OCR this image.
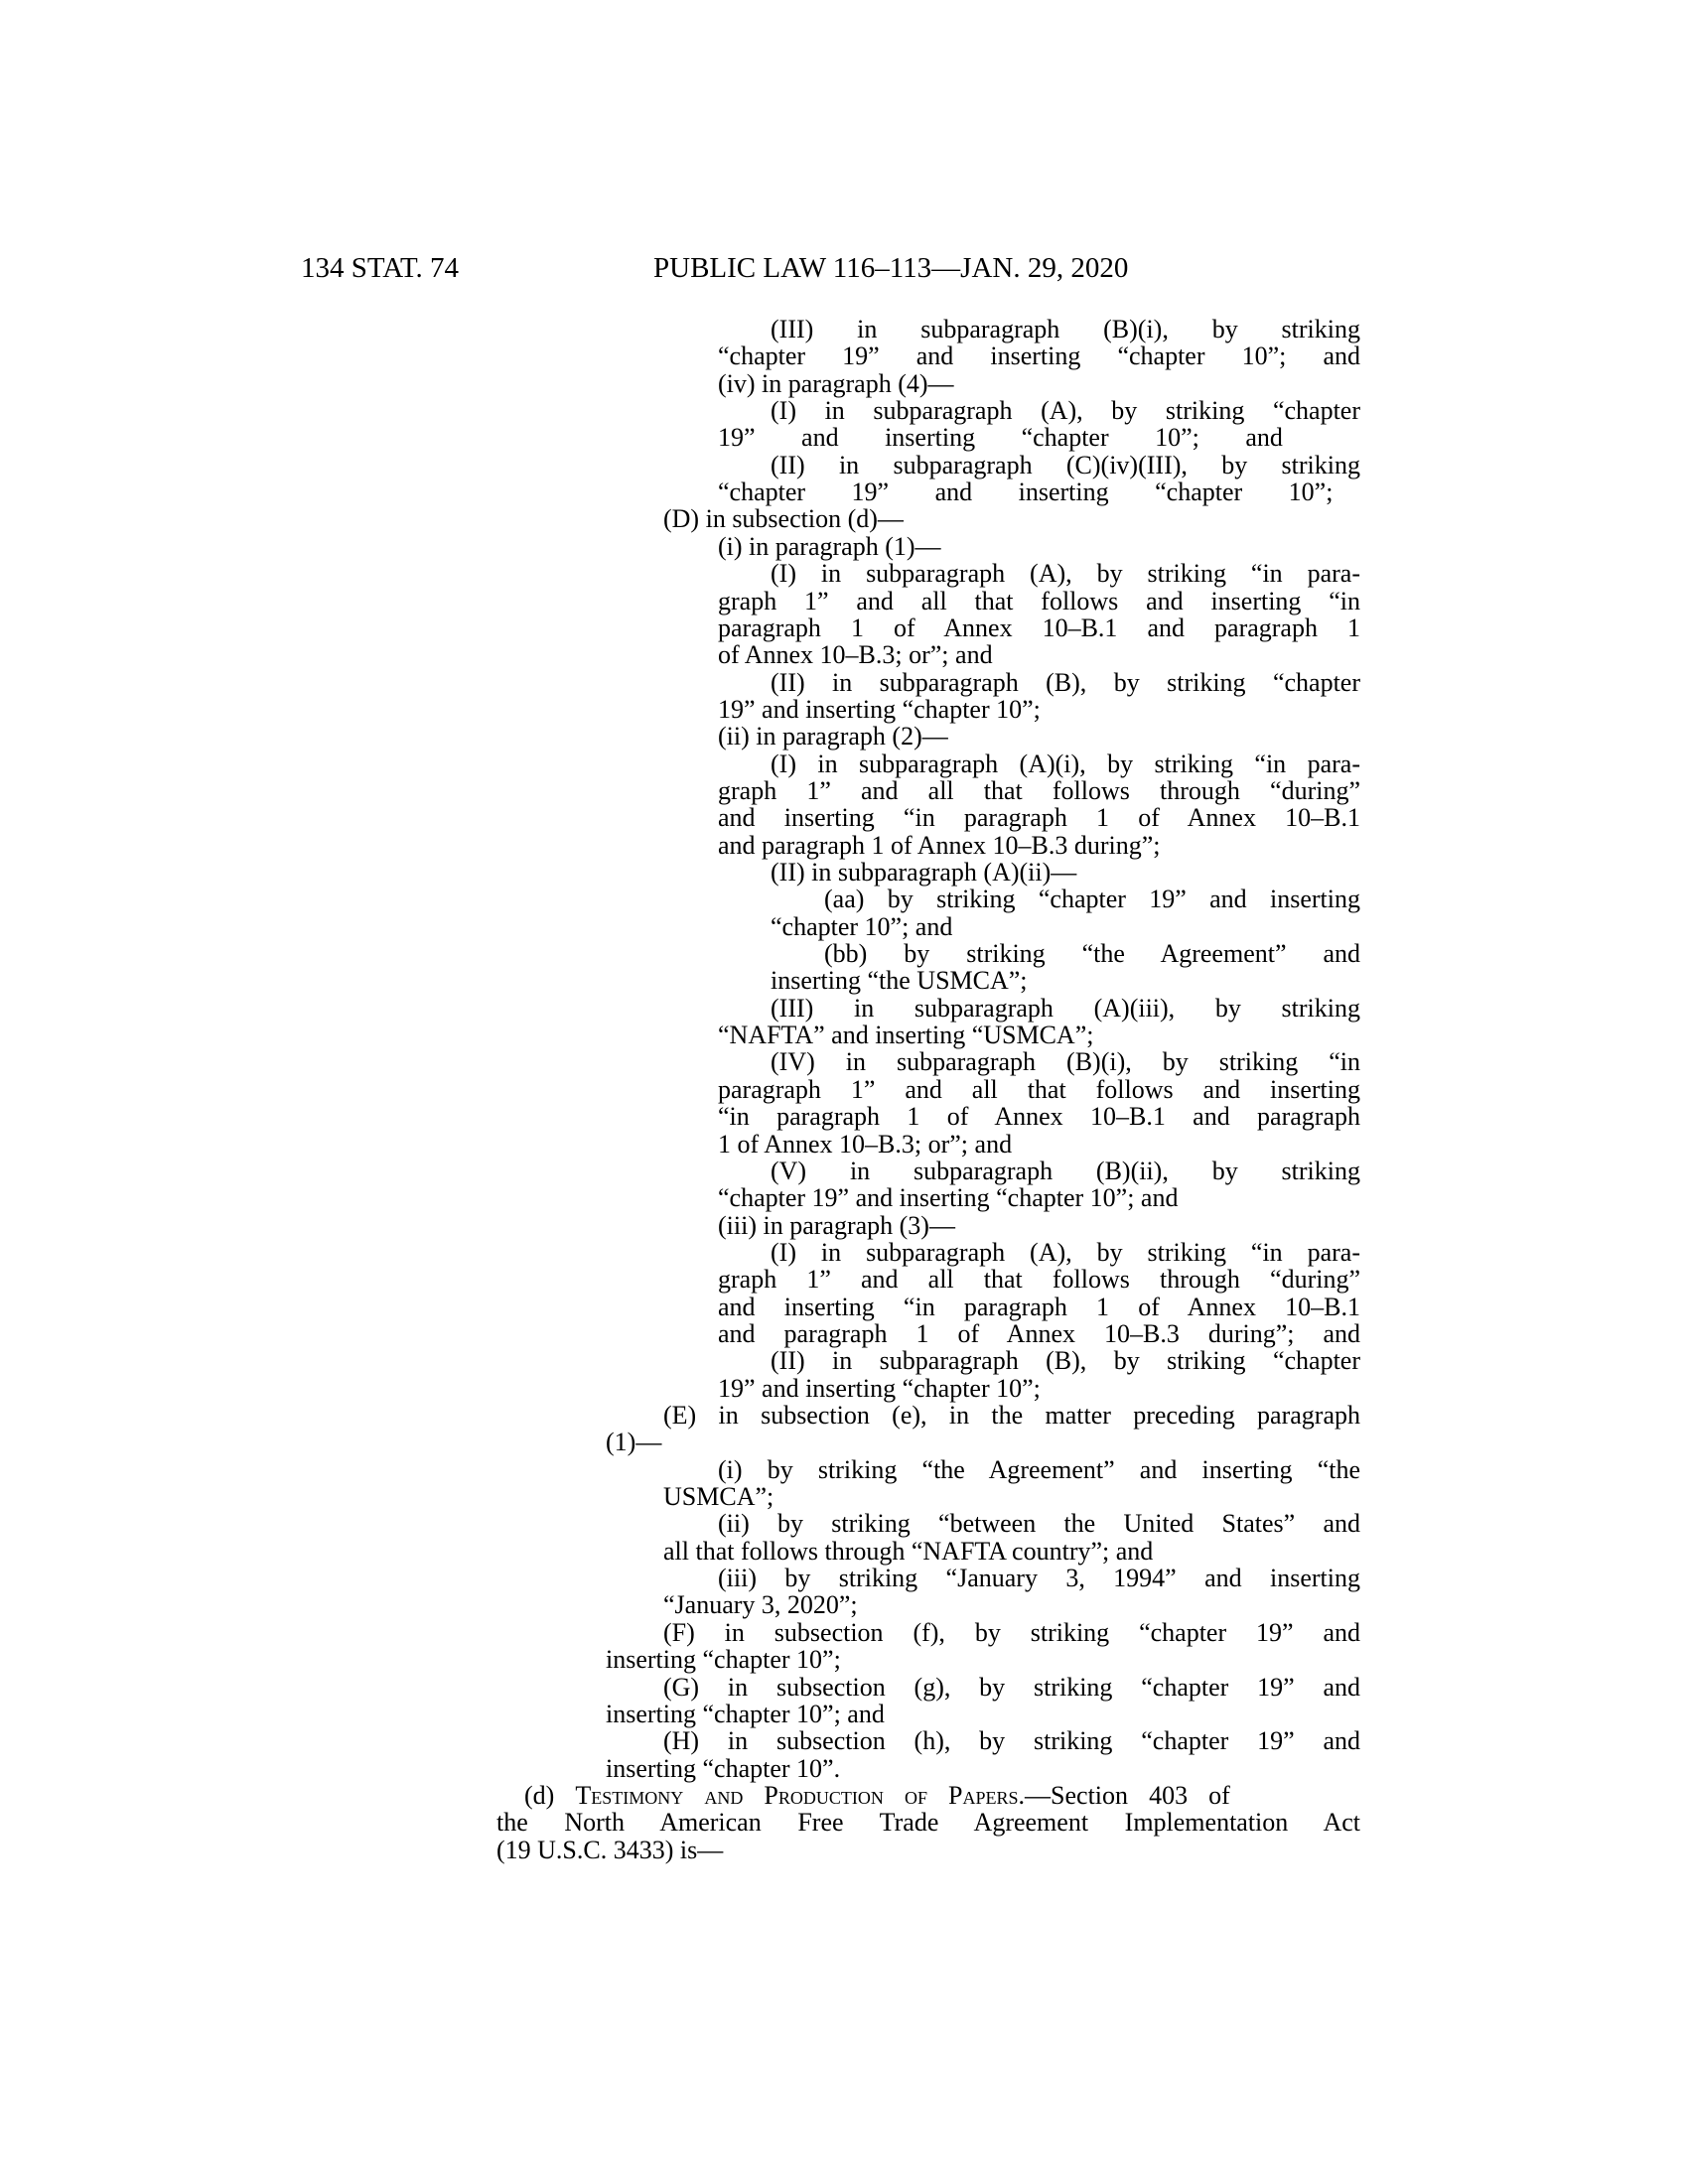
134 STAT. 74	PUBLIC LAW 116–113—JAN. 29, 2020
(III) in subparagraph (B)(i), by striking
“chapter 19” and inserting “chapter 10”; and
(iv) in paragraph (4)—
(I) in subparagraph (A), by striking “chapter
19” and inserting “chapter 10”; and
(II) in subparagraph (C)(iv)(III), by striking
“chapter 19” and inserting “chapter 10”;
(D) in subsection (d)—
(i) in paragraph (1)—
(I) in subparagraph (A), by striking “in para-
graph 1” and all that follows and inserting “in
paragraph 1 of Annex 10–B.1 and paragraph 1
of Annex 10–B.3; or”; and
(II) in subparagraph (B), by striking “chapter
19” and inserting “chapter 10”;
(ii) in paragraph (2)—
(I) in subparagraph (A)(i), by striking “in para-
graph 1” and all that follows through “during”
and inserting “in paragraph 1 of Annex 10–B.1
and paragraph 1 of Annex 10–B.3 during”;
(II) in subparagraph (A)(ii)—
(aa) by striking “chapter 19” and inserting
“chapter 10”; and
(bb) by striking “the Agreement” and
inserting “the USMCA”;
(III) in subparagraph (A)(iii), by striking
“NAFTA” and inserting “USMCA”;
(IV) in subparagraph (B)(i), by striking “in
paragraph 1” and all that follows and inserting
“in paragraph 1 of Annex 10–B.1 and paragraph
1 of Annex 10–B.3; or”; and
(V) in subparagraph (B)(ii), by striking
“chapter 19” and inserting “chapter 10”; and
(iii) in paragraph (3)—
(I) in subparagraph (A), by striking “in para-
graph 1” and all that follows through “during”
and inserting “in paragraph 1 of Annex 10–B.1
and paragraph 1 of Annex 10–B.3 during”; and
(II) in subparagraph (B), by striking “chapter
19” and inserting “chapter 10”;
(E) in subsection (e), in the matter preceding paragraph
(1)—
(i) by striking “the Agreement” and inserting “the
USMCA”;
(ii) by striking “between the United States” and
all that follows through “NAFTA country”; and
(iii) by striking “January 3, 1994” and inserting
“January 3, 2020”;
(F) in subsection (f), by striking “chapter 19” and
inserting “chapter 10”;
(G) in subsection (g), by striking “chapter 19” and
inserting “chapter 10”; and
(H) in subsection (h), by striking “chapter 19” and
inserting “chapter 10”.
(d) Testimony and Production of Papers.—Section 403 of
the North American Free Trade Agreement Implementation Act
(19 U.S.C. 3433) is—
